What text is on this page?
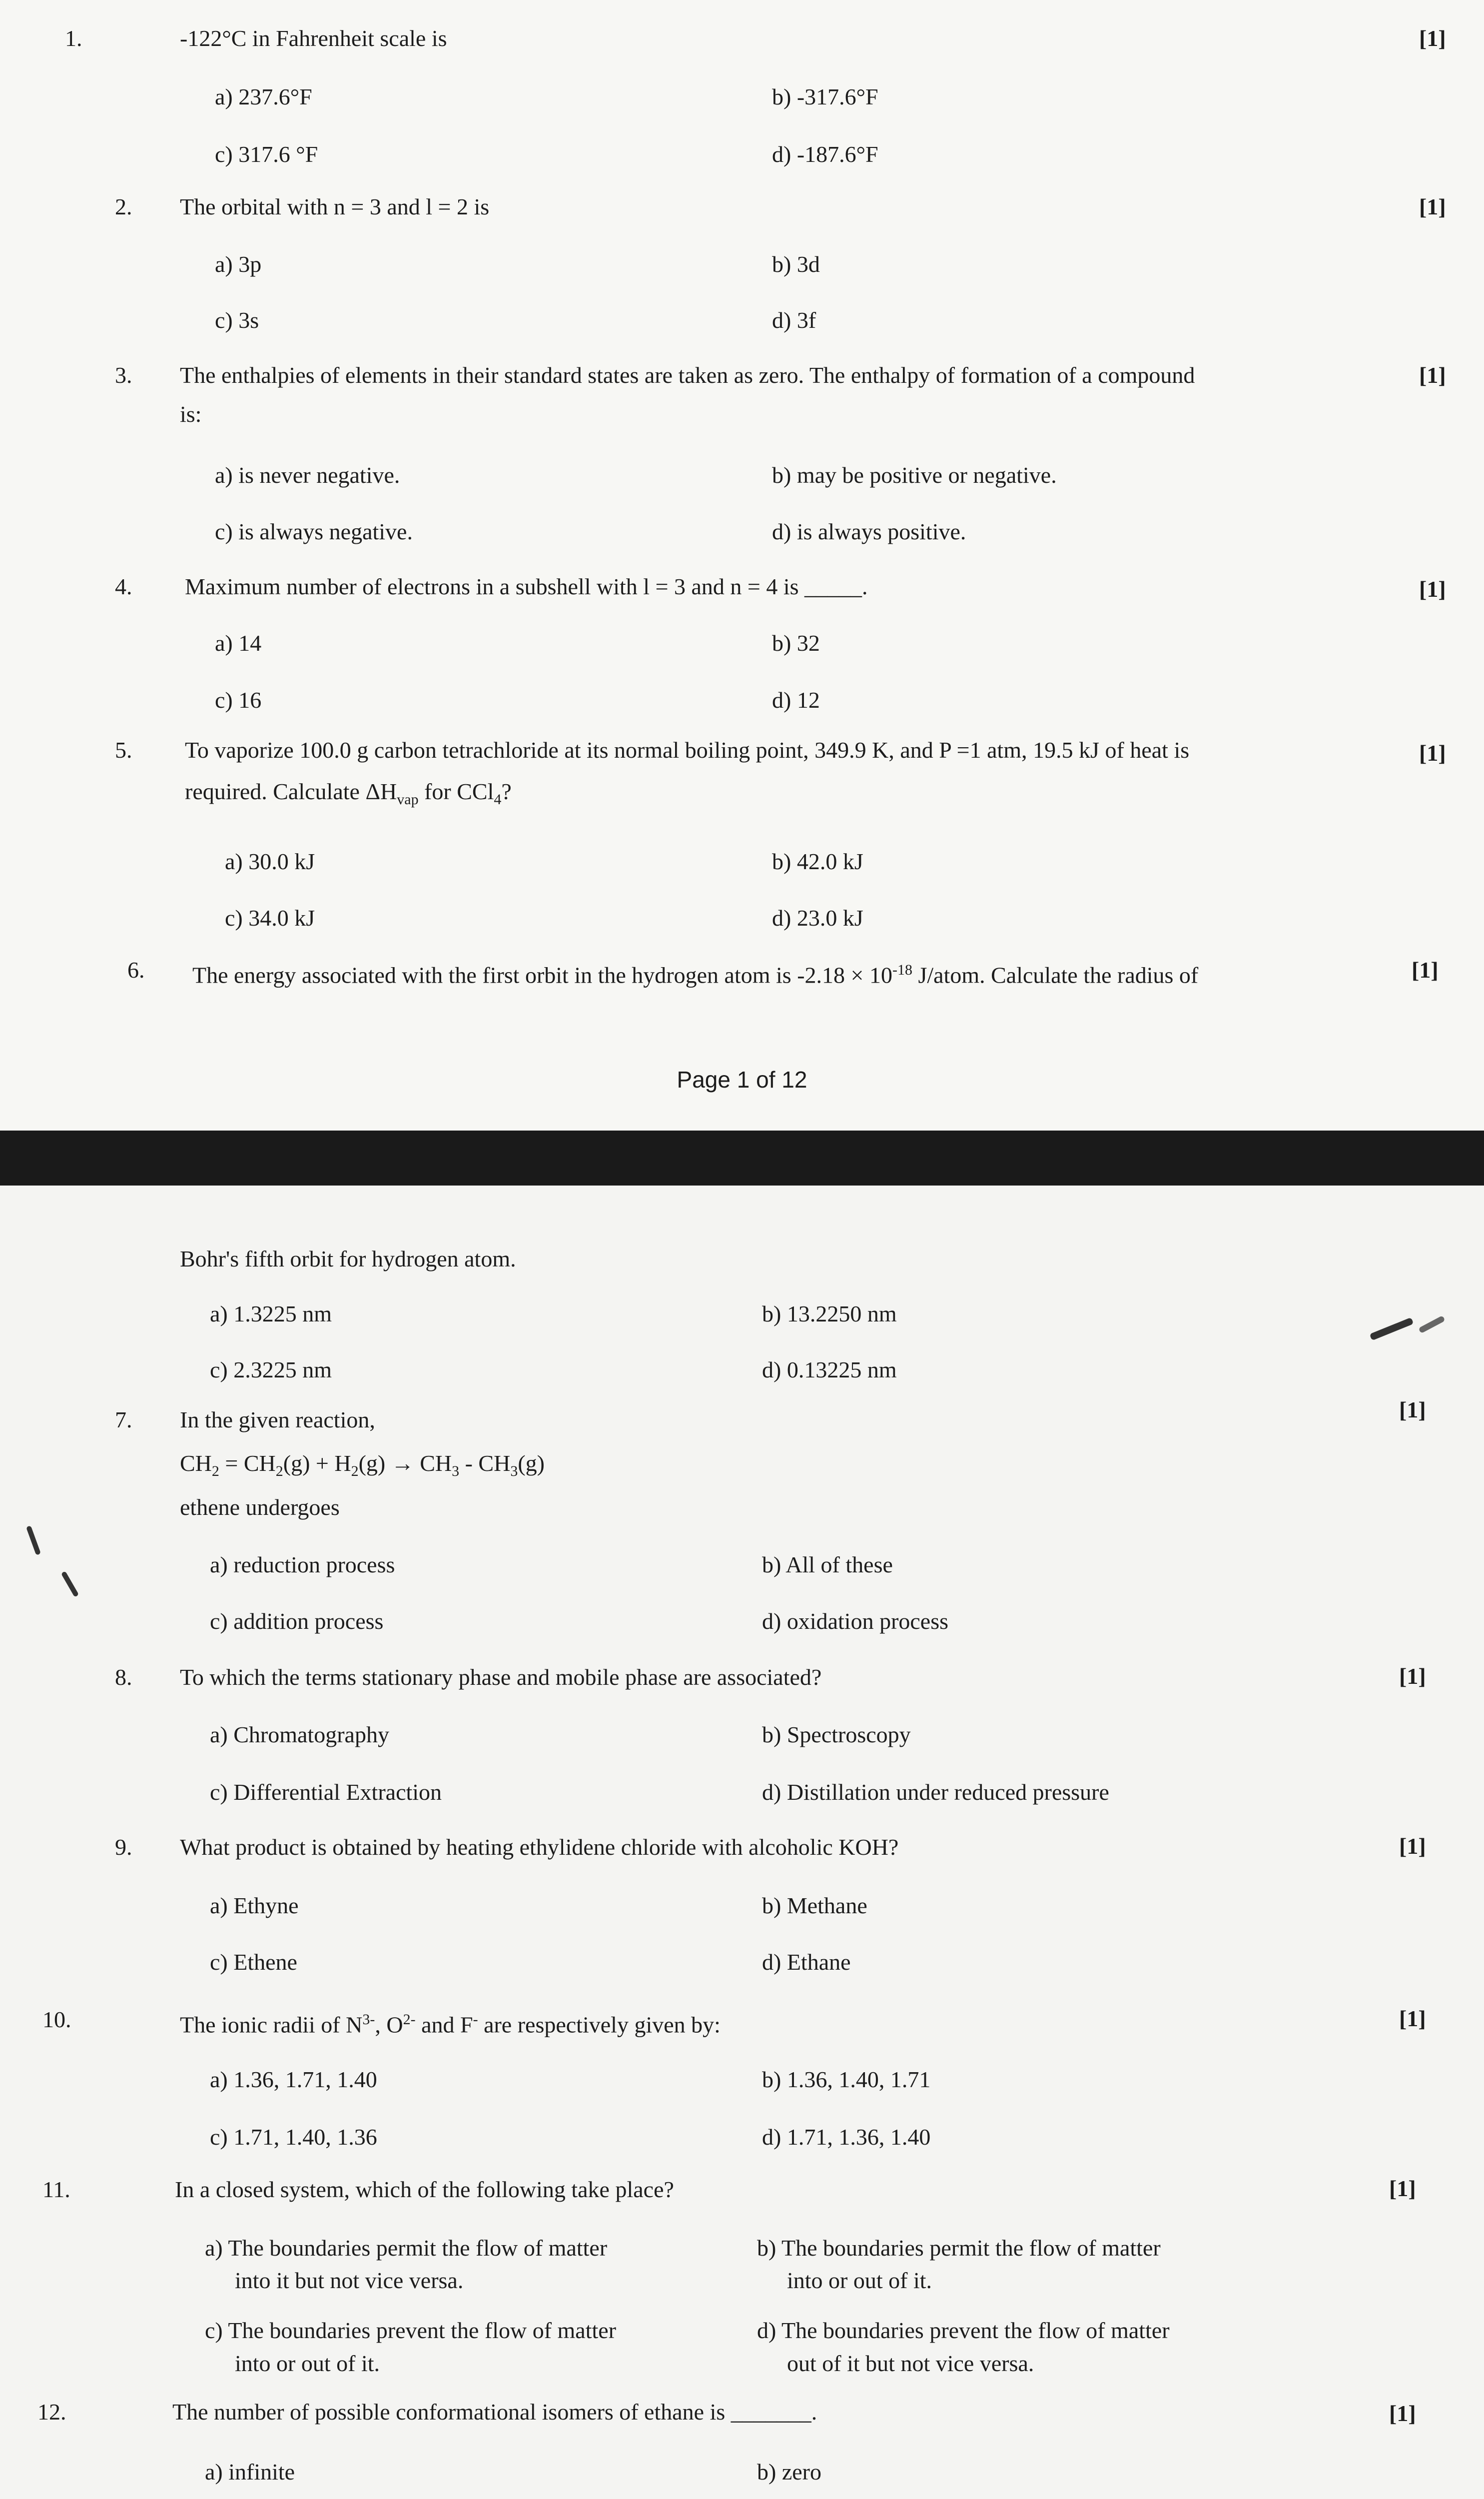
1.	-122°C in Fahrenheit scale is	[1]
a) 237.6°F	b) -317.6°F
c) 317.6 °F	d) -187.6°F
2. The orbital with n = 3 and l = 2 is	[1]
a) 3p	b) 3d
c) 3s	d) 3f
3. The enthalpies of elements in their standard states are taken as zero. The enthalpy of formation of a compound
is:
[1]
a) is never negative.	b) may be positive or negative.
c) is always negative.	d) is always positive.
4. Maximum number of electrons in a subshell with l = 3 and n = 4 is _____.	[1]
a) 14	b) 32
c) 16	d) 12
5. To vaporize 100.0 g carbon tetrachloride at its normal boiling point, 349.9 K, and P =1 atm, 19.5 kJ of heat is
required. Calculate $\Delta H_{vap}$ for CCl$_4$?
[1]
a) 30.0 kJ	b) 42.0 kJ
c) 34.0 kJ	d) 23.0 kJ
6. The energy associated with the first orbit in the hydrogen atom is $-2.18 \times 10^{-18}$ J/atom. Calculate the radius of	[1]
Page 1 of 12
Bohr's fifth orbit for hydrogen atom.
a) 1.3225 nm	b) 13.2250 nm
c) 2.3225 nm	d) 0.13225 nm
7. In the given reaction,	[1]
$CH_2 = CH_2(g) + H_2(g) \to CH_3 - CH_3(g)$
ethene undergoes
a) reduction process	b) All of these
c) addition process	d) oxidation process
8. To which the terms stationary phase and mobile phase are associated?	[1]
a) Chromatography	b) Spectroscopy
c) Differential Extraction	d) Distillation under reduced pressure
9. What product is obtained by heating ethylidene chloride with alcoholic KOH?	[1]
a) Ethyne	b) Methane
c) Ethene	d) Ethane
10.	The ionic radii of $N^{3-}$, $O^{2-}$ and F- are respectively given by:	[1]
a) 1.36, 1.71, 1.40	b) 1.36, 1.40, 1.71
c) 1.71, 1.40, 1.36	d) 1.71, 1.36, 1.40
11.	In a closed system, which of the following take place?	[1]
a) The boundaries permit the flow of matter
into it but not vice versa.
b) The boundaries permit the flow of matter
into or out of it.
c) The boundaries prevent the flow of matter
into or out of it.
d) The boundaries prevent the flow of matter
out of it but not vice versa.
12.	The number of possible conformational isomers of ethane is _______.	[1]
a) infinite	b) zero
